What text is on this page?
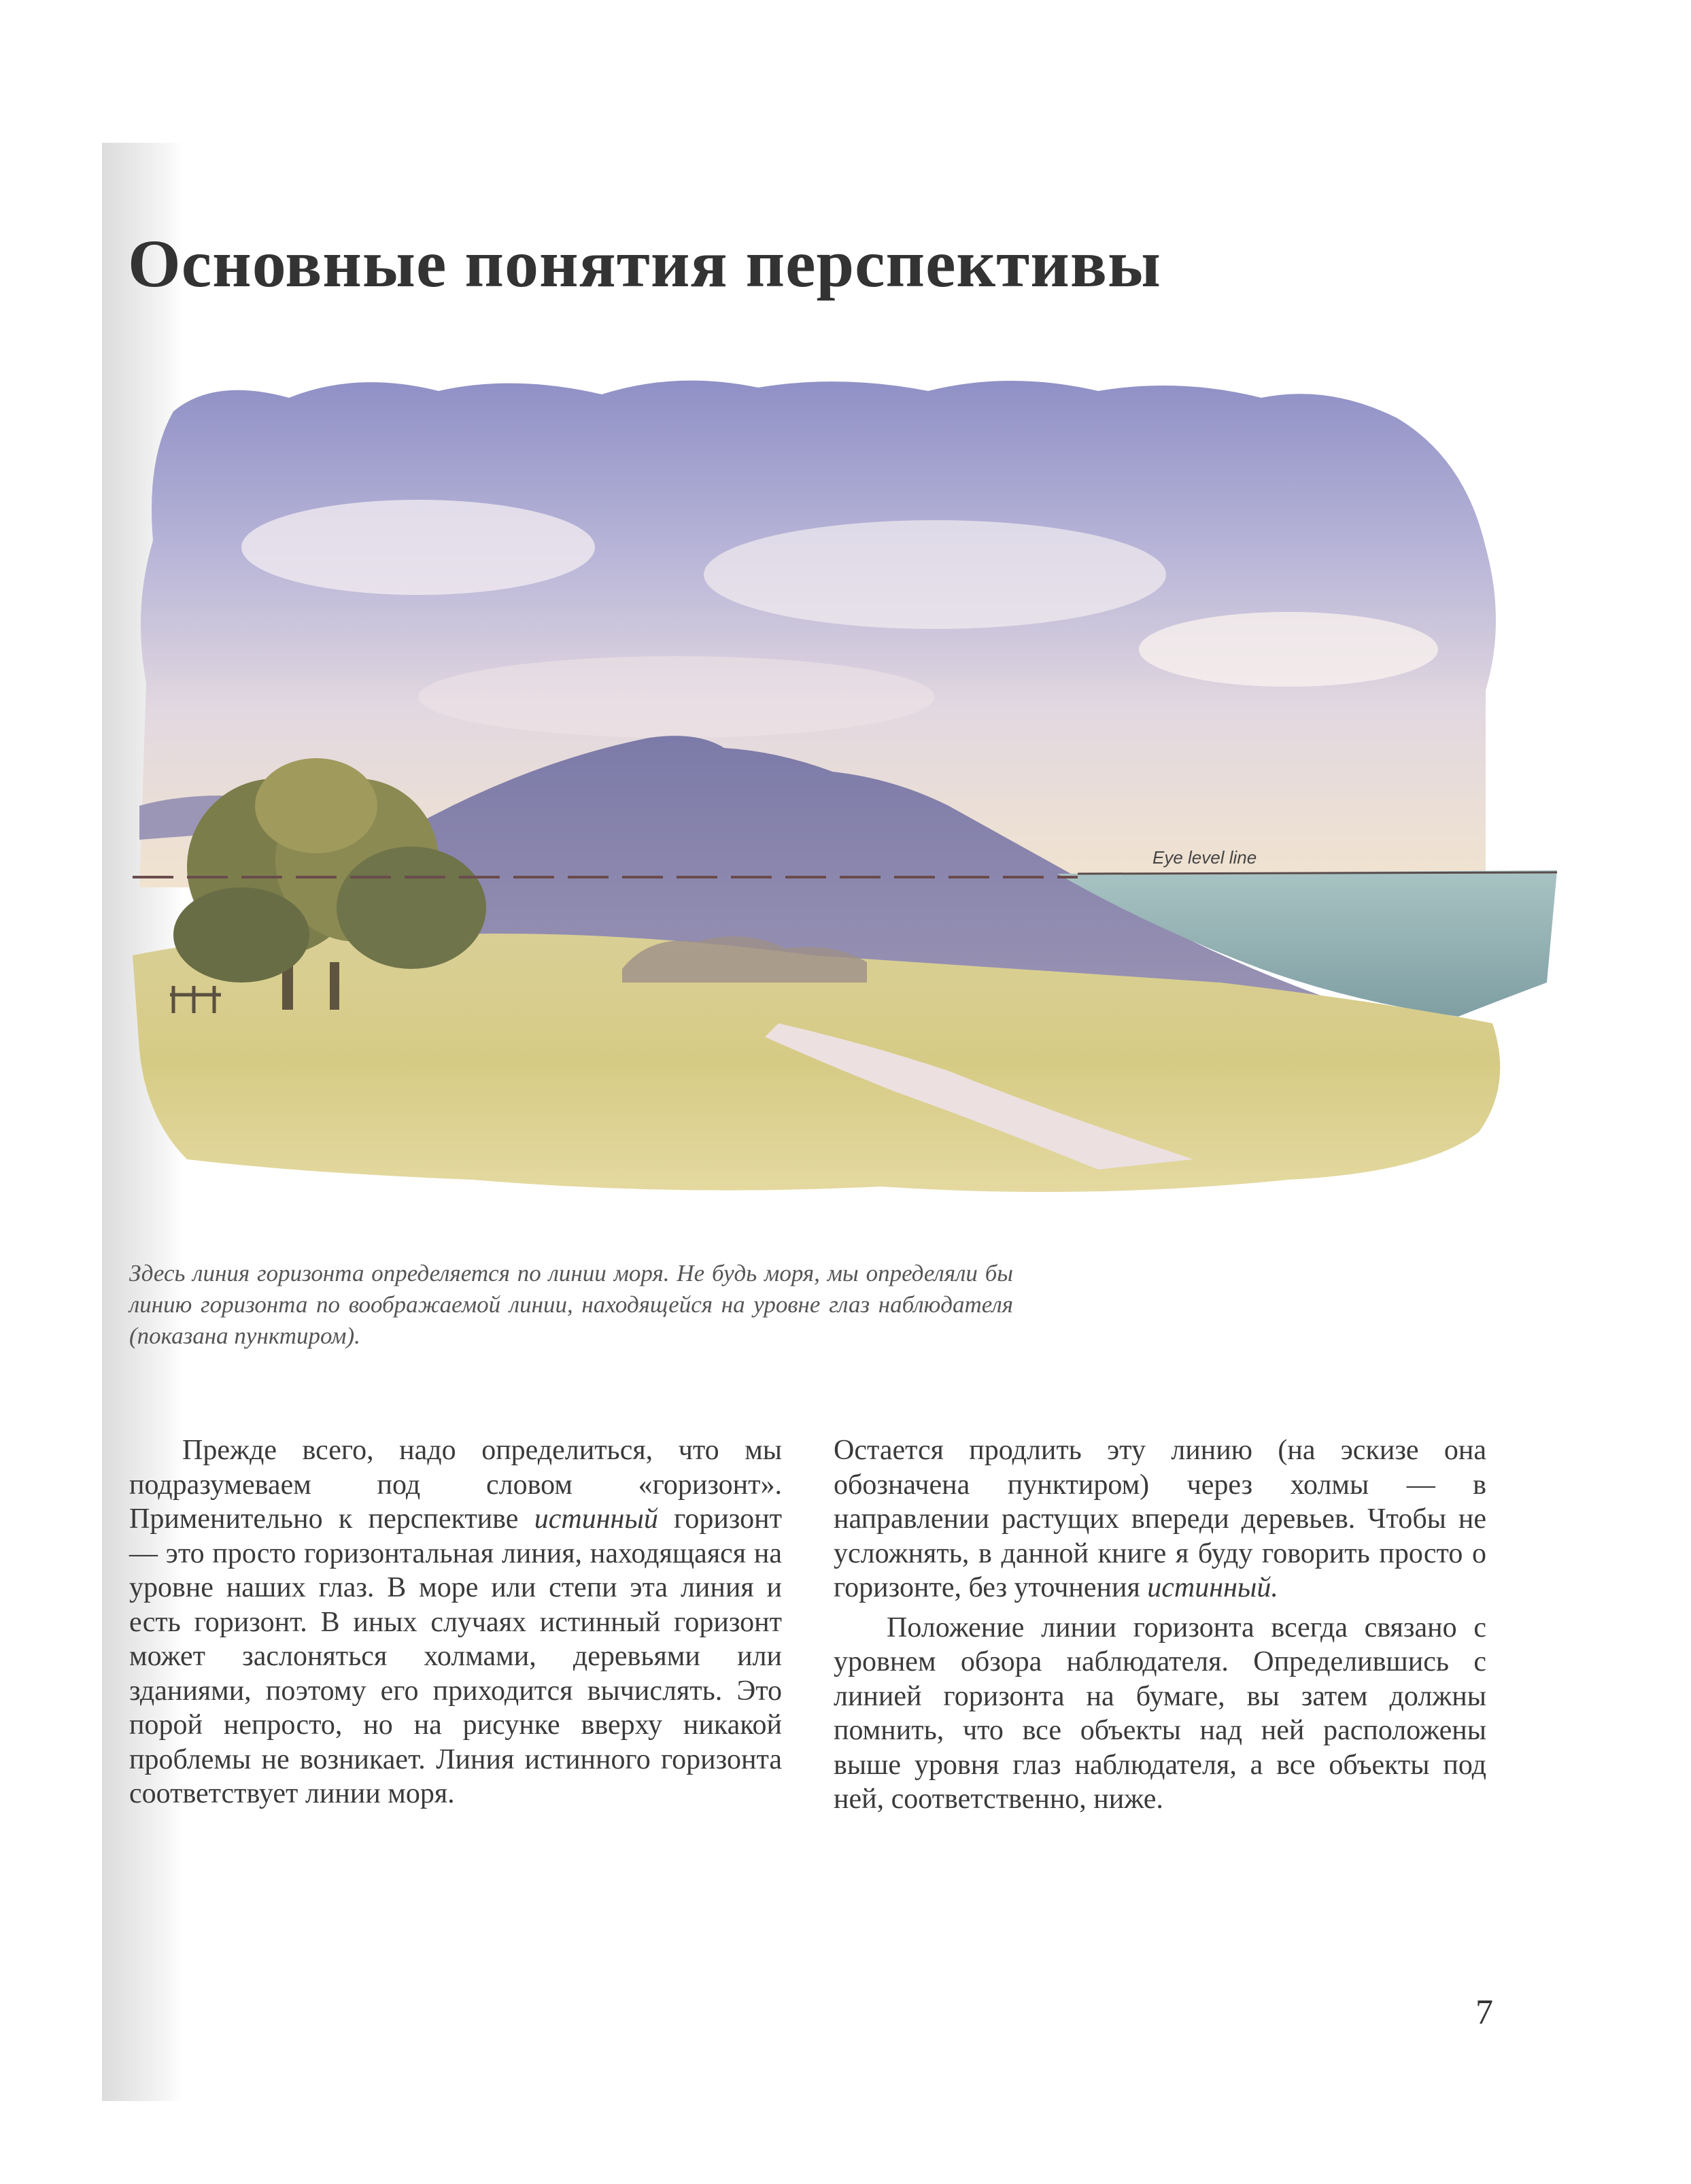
Основные понятия перспективы
Eye level line

Здесь линия горизонта определяется по линии моря. Не будь моря, мы определяли бы линию горизонта по воображаемой линии, находящейся на уровне глаз наблюдателя (показана пунктиром).

Прежде всего, надо определиться, что мы подразумеваем под словом «горизонт». Применительно к перспективе истинный горизонт — это просто горизонтальная линия, находящаяся на уровне наших глаз. В море или степи эта линия и есть горизонт. В иных случаях истинный горизонт может заслоняться холмами, деревьями или зданиями, поэтому его приходится вычислять. Это порой непросто, но на рисунке вверху никакой проблемы не возникает. Линия истинного горизонта соответствует линии моря.

Остается продлить эту линию (на эскизе она обозначена пунктиром) через холмы — в направлении растущих впереди деревьев. Чтобы не усложнять, в данной книге я буду говорить просто о горизонте, без уточнения истинный.

Положение линии горизонта всегда связано с уровнем обзора наблюдателя. Определившись с линией горизонта на бумаге, вы затем должны помнить, что все объекты над ней расположены выше уровня глаз наблюдателя, а все объекты под ней, соответственно, ниже.

7
